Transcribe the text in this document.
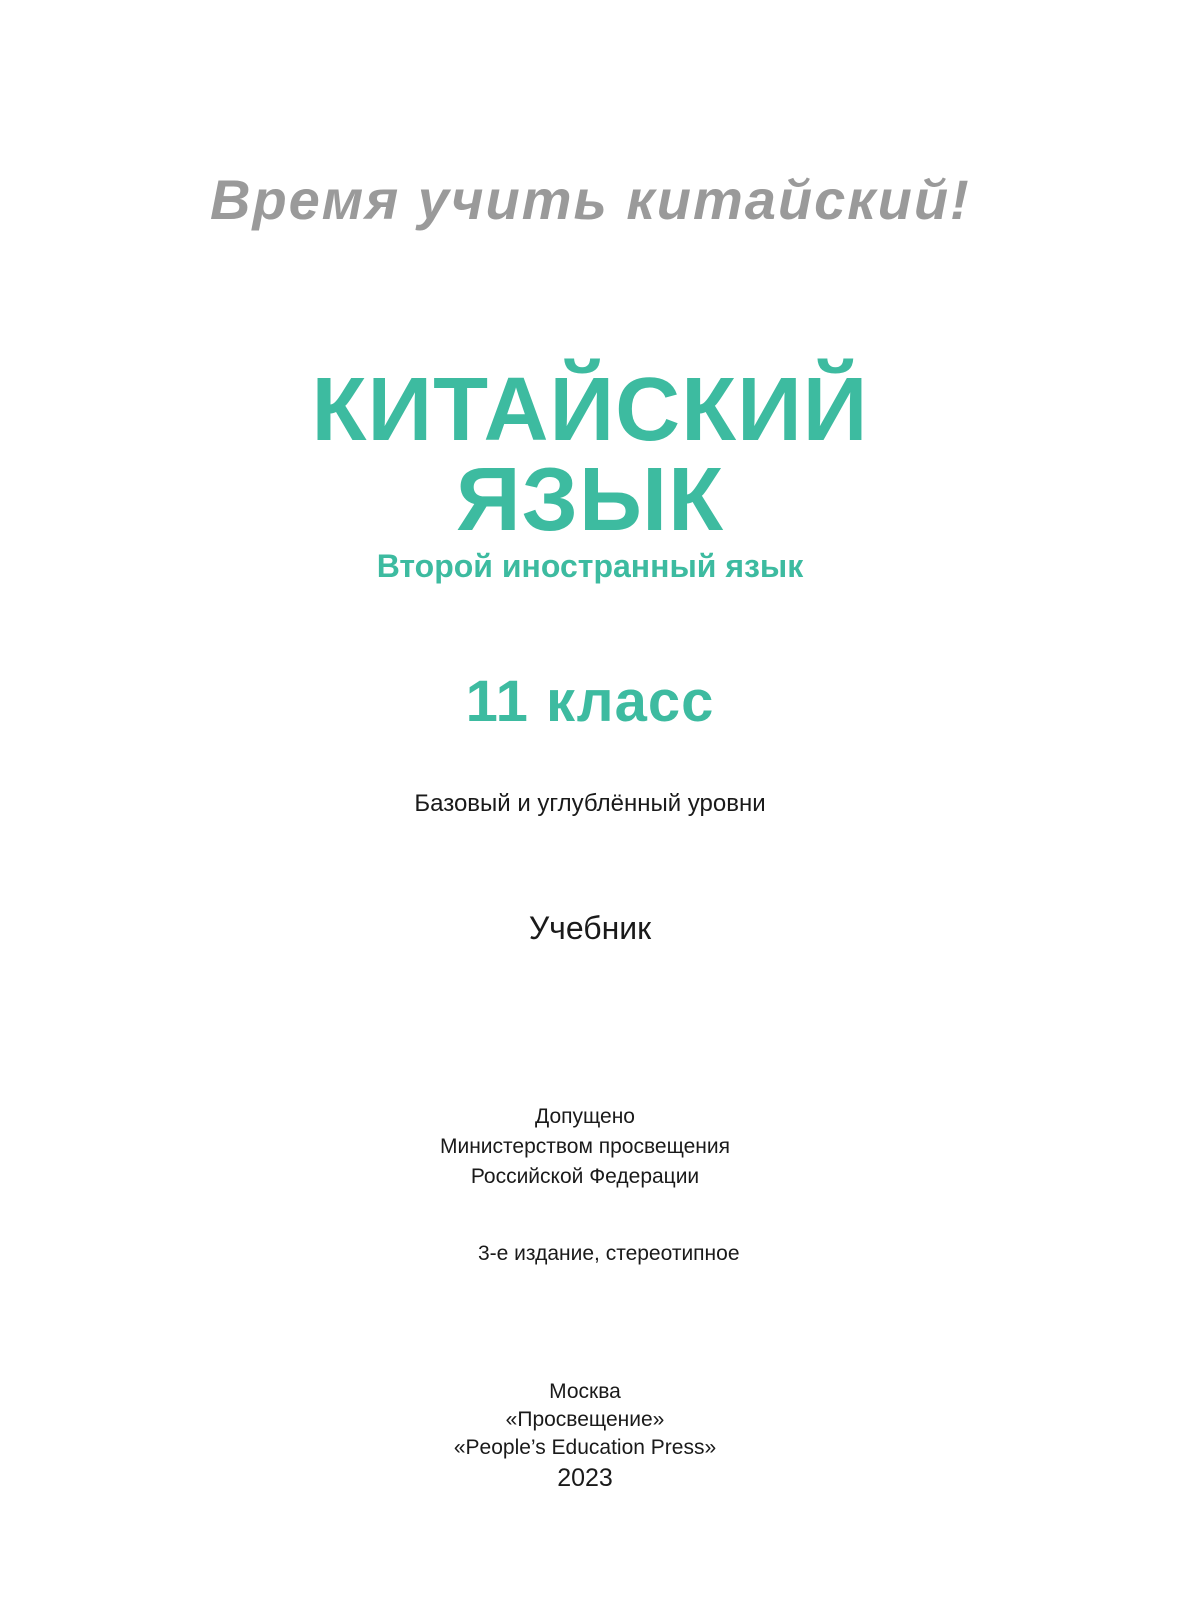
Время учить китайский!

КИТАЙСКИЙ

ЯЗЫК

Второй иностранный язык

11 класс

Базовый и углублённый уровни

Учебник

Допущено
Министерством просвещения
Российской Федерации

3-е издание, стереотипное

Москва
«Просвещение»
«People’s Education Press»
2023
